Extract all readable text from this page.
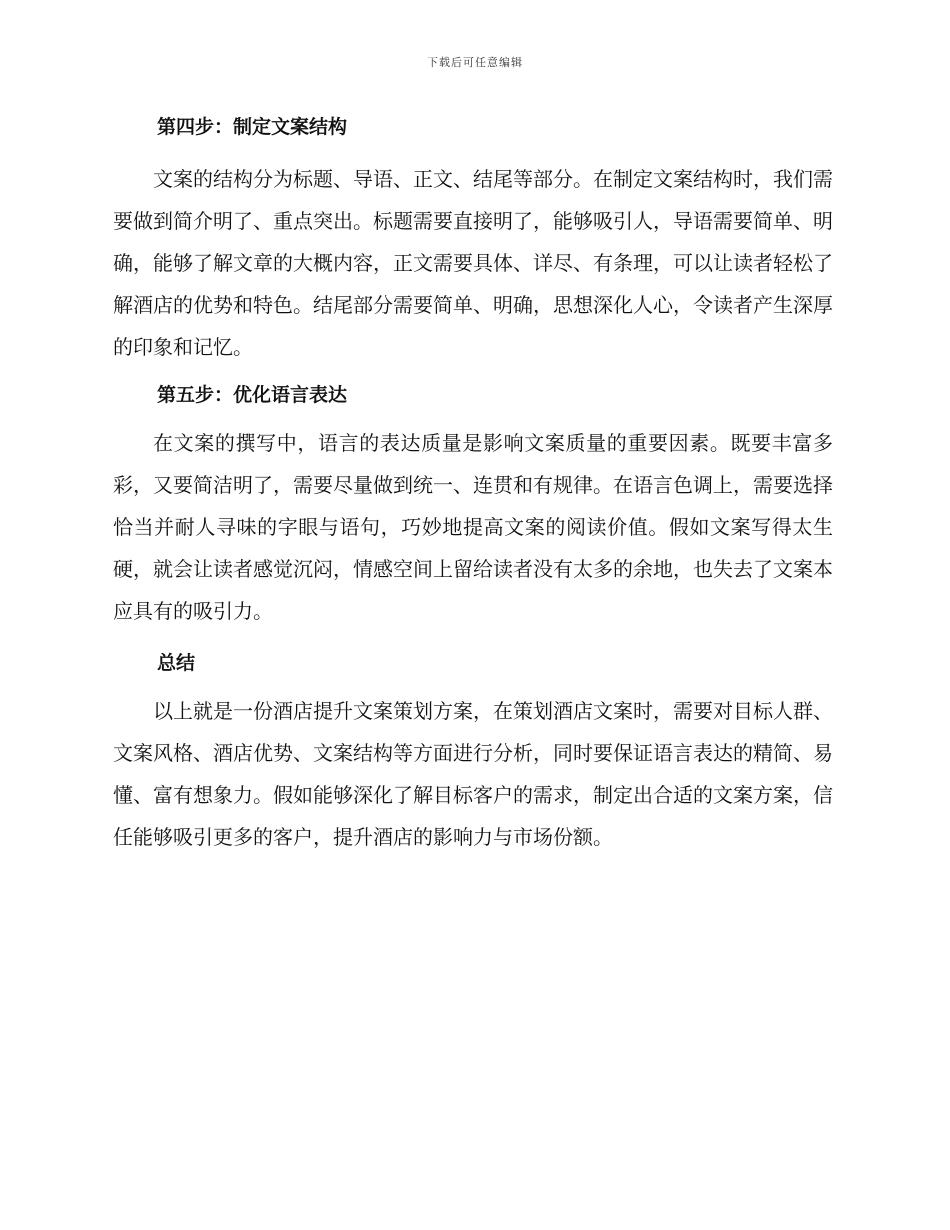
下载后可任意编辑
第四步：制定文案结构

文案的结构分为标题、导语、正文、结尾等部分。在制定文案结构时，我们需要做到简介明了、重点突出。标题需要直接明了，能够吸引人，导语需要简单、明确，能够了解文章的大概内容，正文需要具体、详尽、有条理，可以让读者轻松了解酒店的优势和特色。结尾部分需要简单、明确，思想深化人心，令读者产生深厚的印象和记忆。

第五步：优化语言表达

在文案的撰写中，语言的表达质量是影响文案质量的重要因素。既要丰富多彩，又要简洁明了，需要尽量做到统一、连贯和有规律。在语言色调上，需要选择恰当并耐人寻味的字眼与语句，巧妙地提高文案的阅读价值。假如文案写得太生硬，就会让读者感觉沉闷，情感空间上留给读者没有太多的余地，也失去了文案本应具有的吸引力。

总结

以上就是一份酒店提升文案策划方案，在策划酒店文案时，需要对目标人群、文案风格、酒店优势、文案结构等方面进行分析，同时要保证语言表达的精简、易懂、富有想象力。假如能够深化了解目标客户的需求，制定出合适的文案方案，信任能够吸引更多的客户，提升酒店的影响力与市场份额。
